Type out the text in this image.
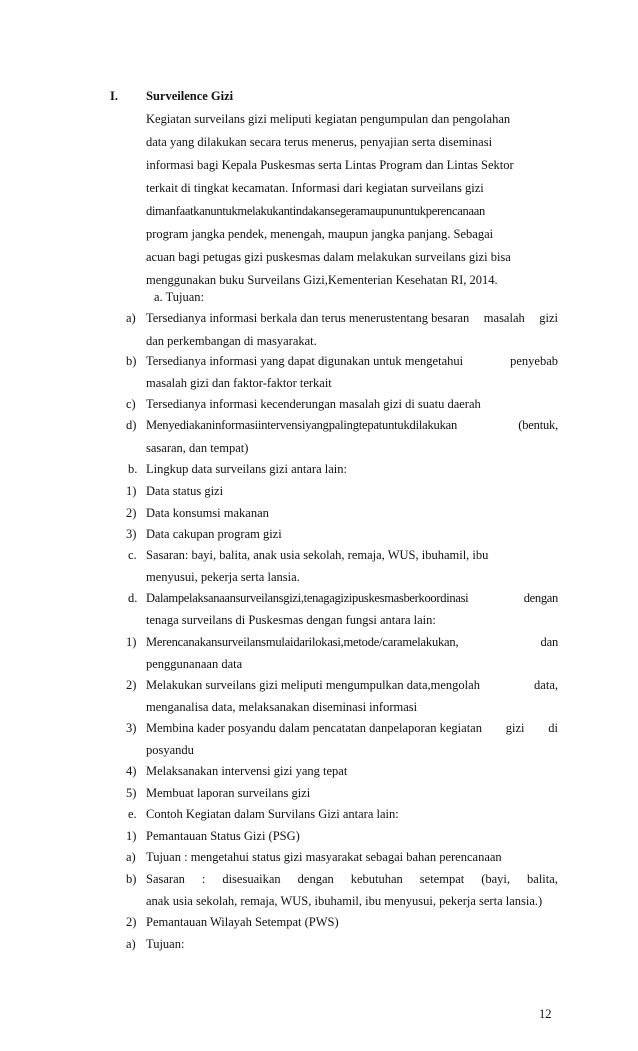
I. Surveilence Gizi
Kegiatan surveilans gizi meliputi kegiatan pengumpulan dan pengolahan
data yang dilakukan secara terus menerus, penyajian serta diseminasi
informasi bagi Kepala Puskesmas serta Lintas Program dan Lintas Sektor
terkait di tingkat kecamatan. Informasi dari kegiatan surveilans gizi
dimanfaatkanuntukmelakukantindakansegeramaupununtukperencanaan
program jangka pendek, menengah, maupun jangka panjang. Sebagai
acuan bagi petugas gizi puskesmas dalam melakukan surveilans gizi bisa
menggunakan buku Surveilans Gizi,Kementerian Kesehatan RI, 2014.
a. Tujuan:
a) Tersedianya informasi berkala dan terus menerustentang besaran masalah gizi
dan perkembangan di masyarakat.
b) Tersedianya informasi yang dapat digunakan untuk mengetahui	penyebab
masalah gizi dan faktor-faktor terkait
c) Tersedianya informasi kecenderungan masalah gizi di suatu daerah
d) Menyediakaninformasiintervensiyangpalingtepatuntukdilakukan	(bentuk,
sasaran, dan tempat)
b. Lingkup data surveilans gizi antara lain:
1) Data status gizi
2) Data konsumsi makanan
3) Data cakupan program gizi
c. Sasaran: bayi, balita, anak usia sekolah, remaja, WUS, ibuhamil, ibu
menyusui, pekerja serta lansia.
d. Dalampelaksanaansurveilansgizi,tenagagizipuskesmasberkoordinasi	dengan
tenaga surveilans di Puskesmas dengan fungsi antara lain:
1) Merencanakansurveilansmulaidarilokasi,metode/caramelakukan,	dan
penggunanaan data
2) Melakukan surveilans gizi meliputi mengumpulkan data,mengolah	data,
menganalisa data, melaksanakan diseminasi informasi
3) Membina kader posyandu dalam pencatatan danpelaporan kegiatan gizi di
posyandu
4) Melaksanakan intervensi gizi yang tepat
5) Membuat laporan surveilans gizi
e. Contoh Kegiatan dalam Survilans Gizi antara lain:
1) Pemantauan Status Gizi (PSG)
a) Tujuan : mengetahui status gizi masyarakat sebagai bahan perencanaan
b) Sasaran : disesuaikan dengan kebutuhan setempat (bayi, balita,
anak usia sekolah, remaja, WUS, ibuhamil, ibu menyusui, pekerja serta lansia.)
2) Pemantauan Wilayah Setempat (PWS)
a) Tujuan:
12
